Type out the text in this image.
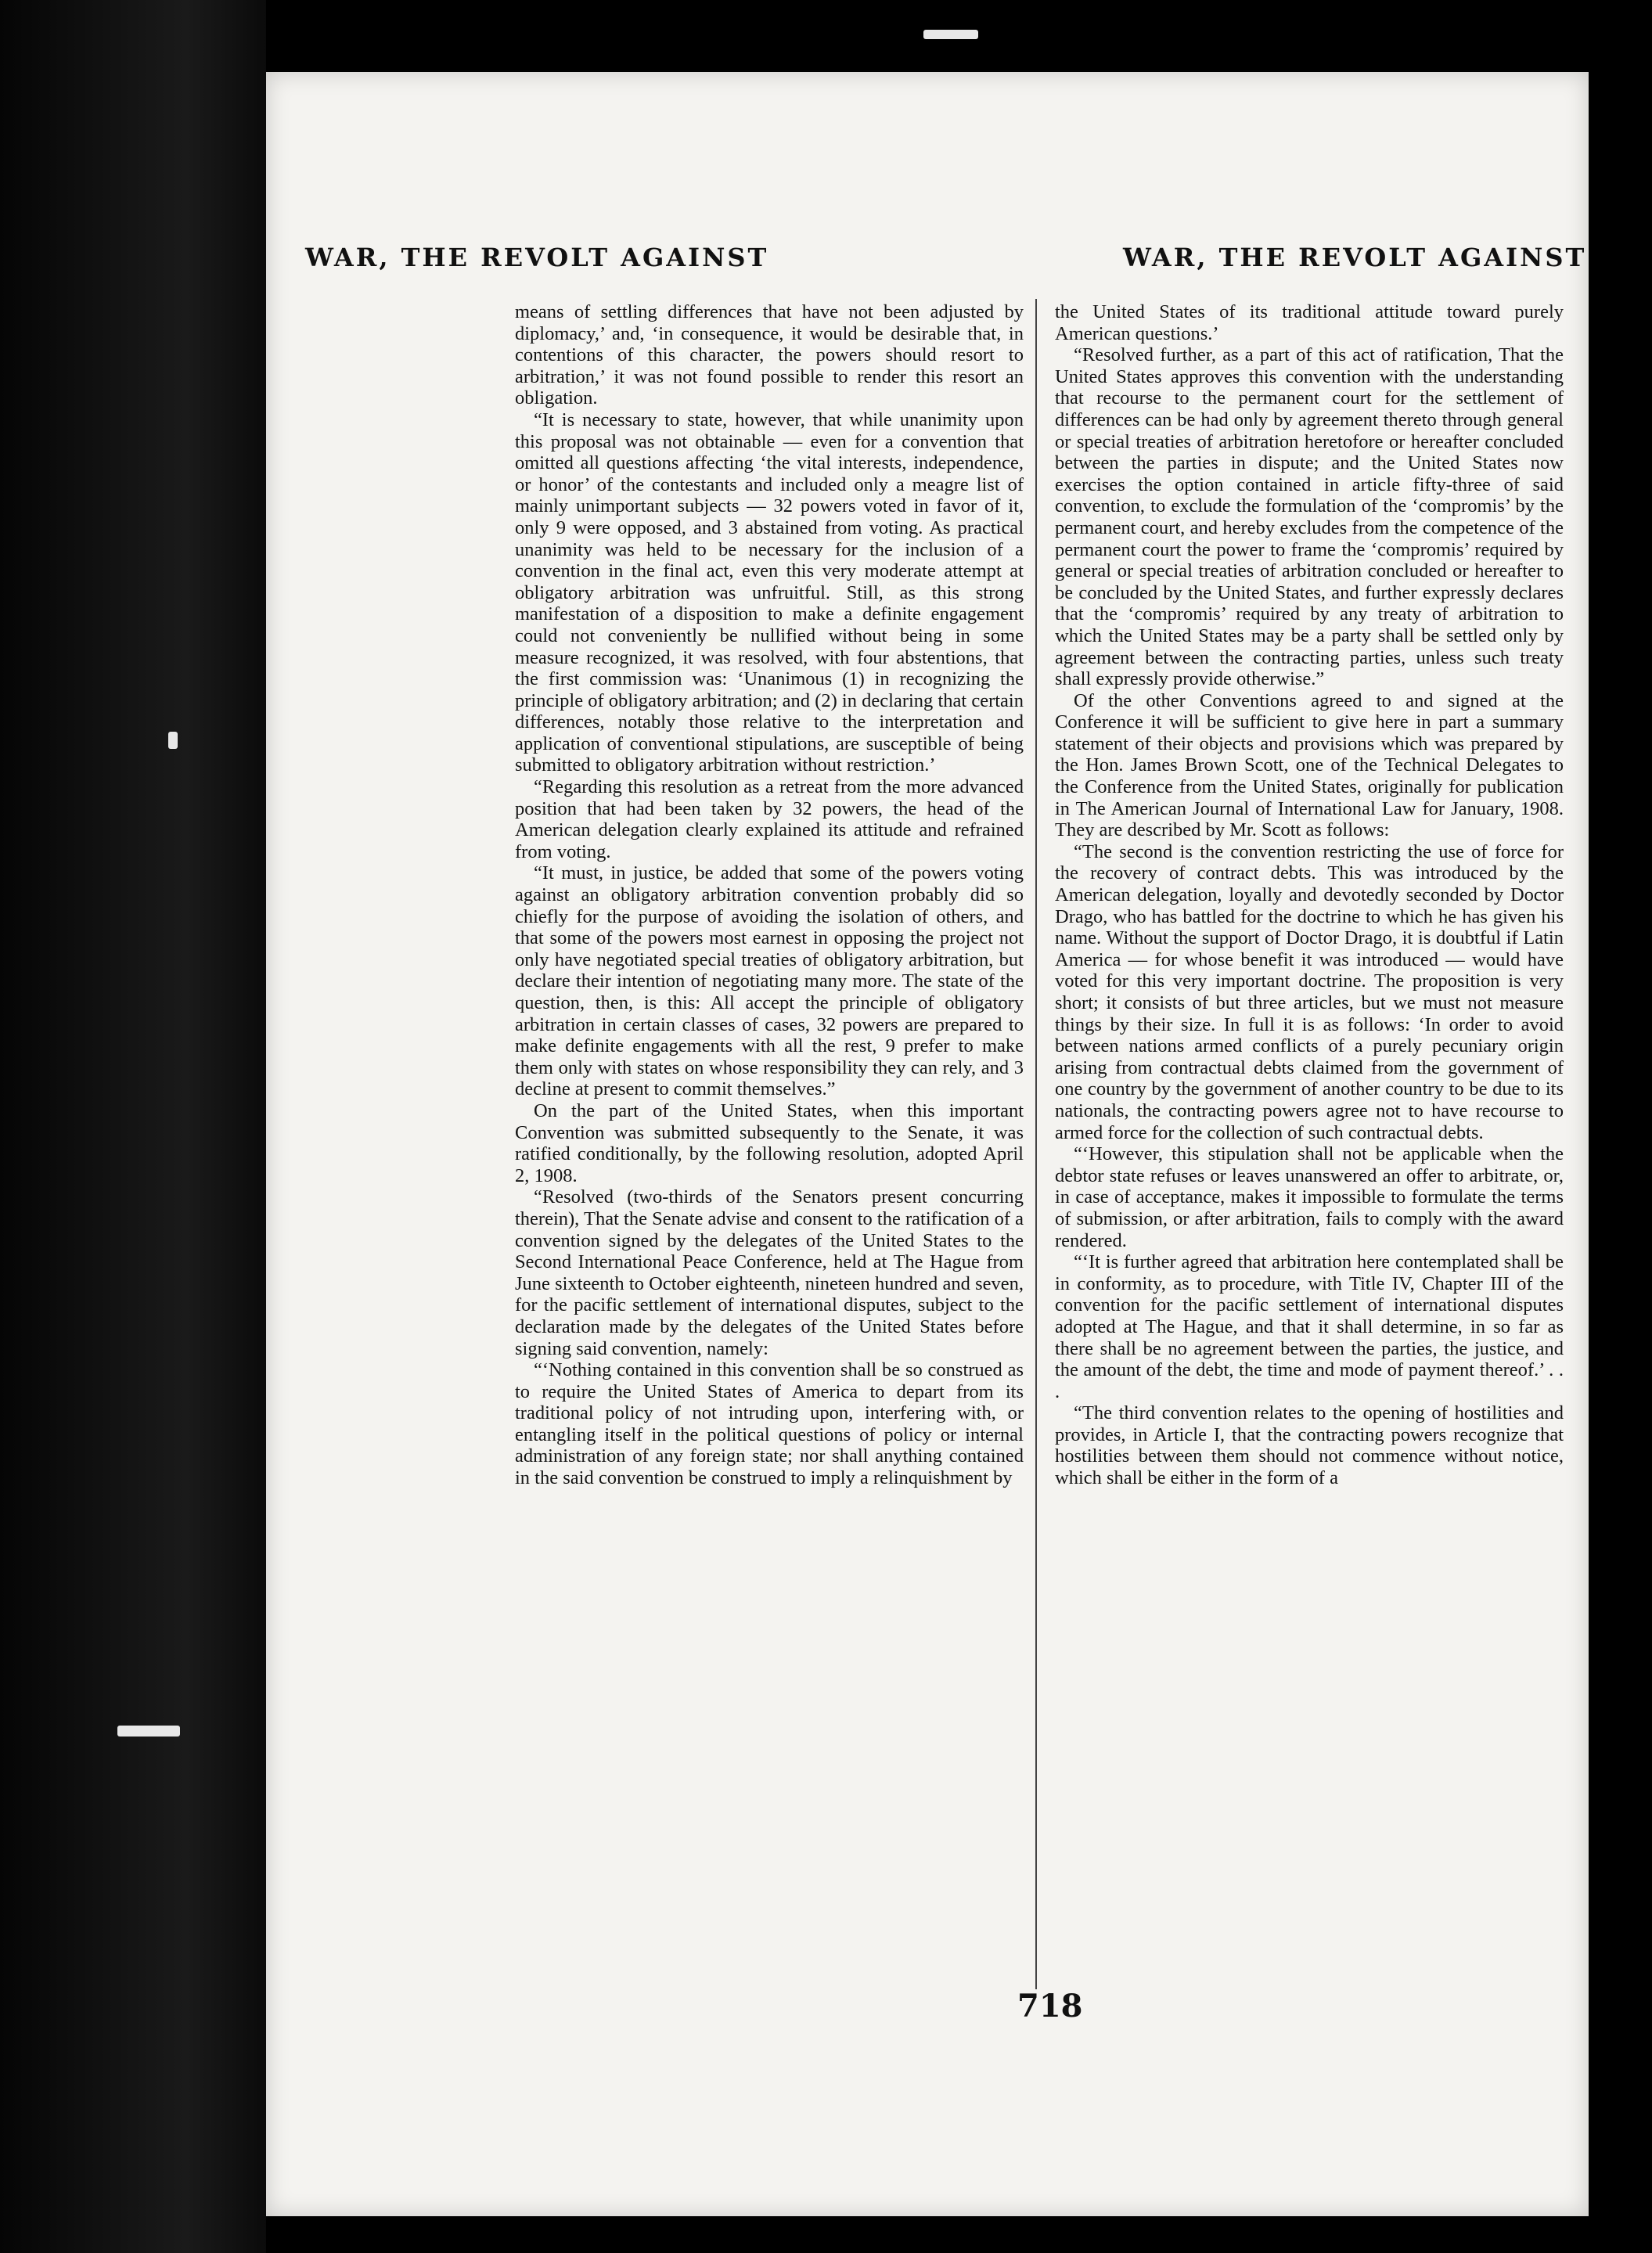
WAR, THE REVOLT AGAINST	WAR, THE REVOLT AGAINST

means of settling differences that have not been adjusted by diplomacy,’ and, ‘in consequence, it would be desirable that, in contentions of this character, the powers should resort to arbitration,’ it was not found possible to render this resort an obligation.

“It is necessary to state, however, that while unanimity upon this proposal was not obtainable — even for a convention that omitted all questions affecting ‘the vital interests, independence, or honor’ of the contestants and included only a meagre list of mainly unimportant subjects — 32 powers voted in favor of it, only 9 were opposed, and 3 abstained from voting. As practical unanimity was held to be necessary for the inclusion of a convention in the final act, even this very moderate attempt at obligatory arbitration was unfruitful. Still, as this strong manifestation of a disposition to make a definite engagement could not conveniently be nullified without being in some measure recognized, it was resolved, with four abstentions, that the first commission was: ‘Unanimous (1) in recognizing the principle of obligatory arbitration; and (2) in declaring that certain differences, notably those relative to the interpretation and application of conventional stipulations, are susceptible of being submitted to obligatory arbitration without restriction.’

“Regarding this resolution as a retreat from the more advanced position that had been taken by 32 powers, the head of the American delegation clearly explained its attitude and refrained from voting.

“It must, in justice, be added that some of the powers voting against an obligatory arbitration convention probably did so chiefly for the purpose of avoiding the isolation of others, and that some of the powers most earnest in opposing the project not only have negotiated special treaties of obligatory arbitration, but declare their intention of negotiating many more. The state of the question, then, is this: All accept the principle of obligatory arbitration in certain classes of cases, 32 powers are prepared to make definite engagements with all the rest, 9 prefer to make them only with states on whose responsibility they can rely, and 3 decline at present to commit themselves.”

On the part of the United States, when this important Convention was submitted subsequently to the Senate, it was ratified conditionally, by the following resolution, adopted April 2, 1908.

“Resolved (two-thirds of the Senators present concurring therein), That the Senate advise and consent to the ratification of a convention signed by the delegates of the United States to the Second International Peace Conference, held at The Hague from June sixteenth to October eighteenth, nineteen hundred and seven, for the pacific settlement of international disputes, subject to the declaration made by the delegates of the United States before signing said convention, namely:

“‘Nothing contained in this convention shall be so construed as to require the United States of America to depart from its traditional policy of not intruding upon, interfering with, or entangling itself in the political questions of policy or internal administration of any foreign state; nor shall anything contained in the said convention be construed to imply a relinquishment by

the United States of its traditional attitude toward purely American questions.’

“Resolved further, as a part of this act of ratification, That the United States approves this convention with the understanding that recourse to the permanent court for the settlement of differences can be had only by agreement thereto through general or special treaties of arbitration heretofore or hereafter concluded between the parties in dispute; and the United States now exercises the option contained in article fifty-three of said convention, to exclude the formulation of the ‘compromis’ by the permanent court, and hereby excludes from the competence of the permanent court the power to frame the ‘compromis’ required by general or special treaties of arbitration concluded or hereafter to be concluded by the United States, and further expressly declares that the ‘compromis’ required by any treaty of arbitration to which the United States may be a party shall be settled only by agreement between the contracting parties, unless such treaty shall expressly provide otherwise.”

Of the other Conventions agreed to and signed at the Conference it will be sufficient to give here in part a summary statement of their objects and provisions which was prepared by the Hon. James Brown Scott, one of the Technical Delegates to the Conference from the United States, originally for publication in The American Journal of International Law for January, 1908. They are described by Mr. Scott as follows:

“The second is the convention restricting the use of force for the recovery of contract debts. This was introduced by the American delegation, loyally and devotedly seconded by Doctor Drago, who has battled for the doctrine to which he has given his name. Without the support of Doctor Drago, it is doubtful if Latin America — for whose benefit it was introduced — would have voted for this very important doctrine. The proposition is very short; it consists of but three articles, but we must not measure things by their size. In full it is as follows: ‘In order to avoid between nations armed conflicts of a purely pecuniary origin arising from contractual debts claimed from the government of one country by the government of another country to be due to its nationals, the contracting powers agree not to have recourse to armed force for the collection of such contractual debts.

“‘However, this stipulation shall not be applicable when the debtor state refuses or leaves unanswered an offer to arbitrate, or, in case of acceptance, makes it impossible to formulate the terms of submission, or after arbitration, fails to comply with the award rendered.

“‘It is further agreed that arbitration here contemplated shall be in conformity, as to procedure, with Title IV, Chapter III of the convention for the pacific settlement of international disputes adopted at The Hague, and that it shall determine, in so far as there shall be no agreement between the parties, the justice, and the amount of the debt, the time and mode of payment thereof.’ . . .

“The third convention relates to the opening of hostilities and provides, in Article I, that the contracting powers recognize that hostilities between them should not commence without notice, which shall be either in the form of a

718
